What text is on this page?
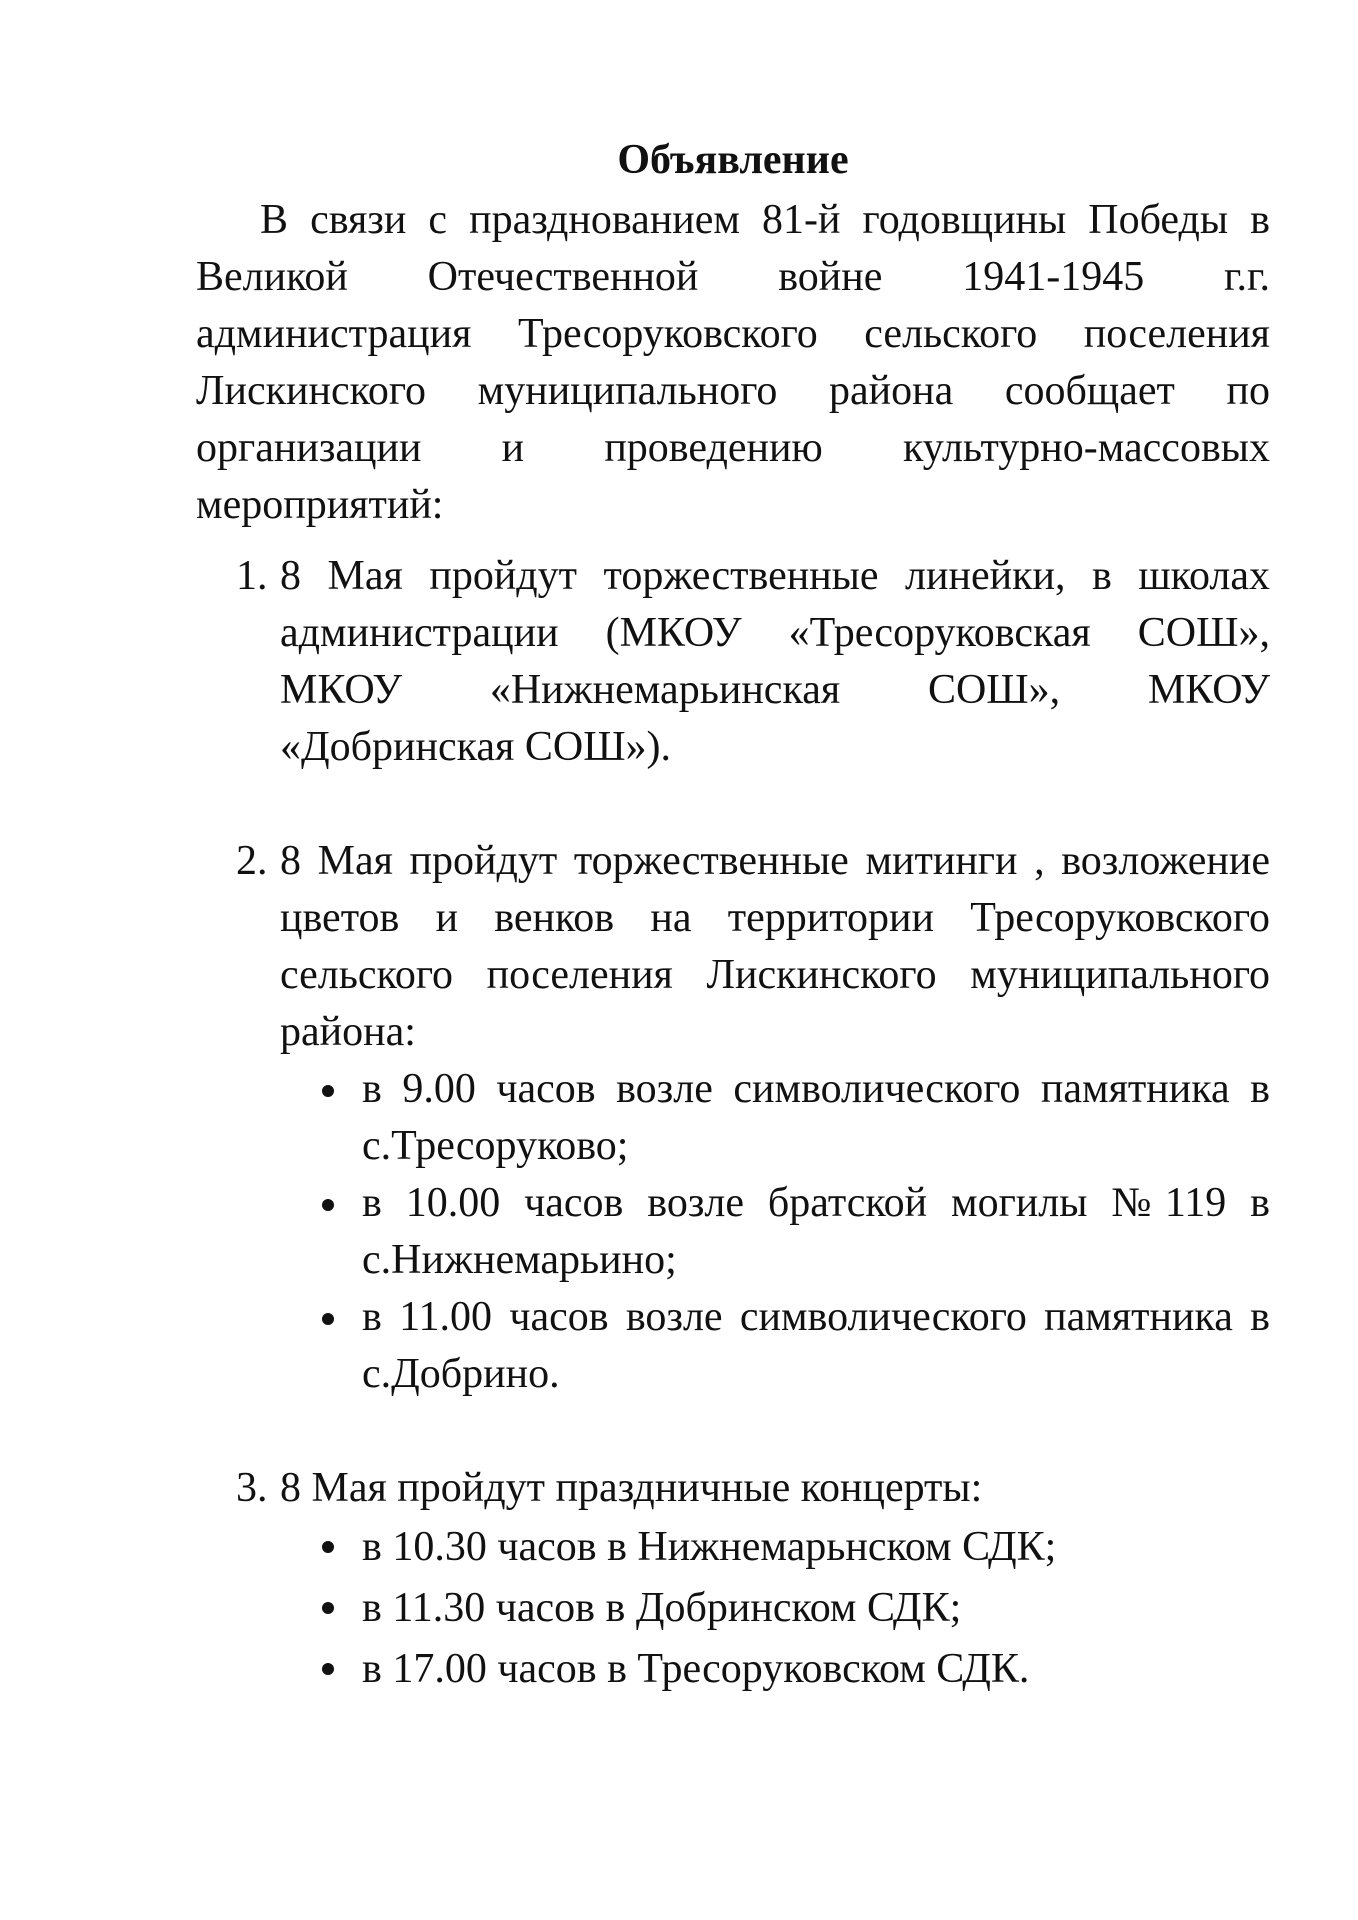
Объявление

В связи с празднованием 81-й годовщины Победы в Великой Отечественной войне 1941-1945 г.г. администрация Тресоруковского сельского поселения Лискинского муниципального района сообщает по организации и проведению культурно-массовых мероприятий:

1. 8 Мая пройдут торжественные линейки, в школах администрации (МКОУ «Тресоруковская СОШ», МКОУ «Нижнемарьинская СОШ», МКОУ «Добринская СОШ»).

2. 8 Мая пройдут торжественные митинги , возложение цветов и венков на территории Тресоруковского сельского поселения Лискинского муниципального района:

в 9.00 часов возле символического памятника в с.Тресоруково;
в 10.00 часов возле братской могилы №119 в с.Нижнемарьино;
в 11.00 часов возле символического памятника в с.Добрино.
3. 8 Мая пройдут праздничные концерты:

в 10.30 часов в Нижнемарьнском СДК;
в 11.30 часов в Добринском СДК;
в 17.00 часов в Тресоруковском СДК.
